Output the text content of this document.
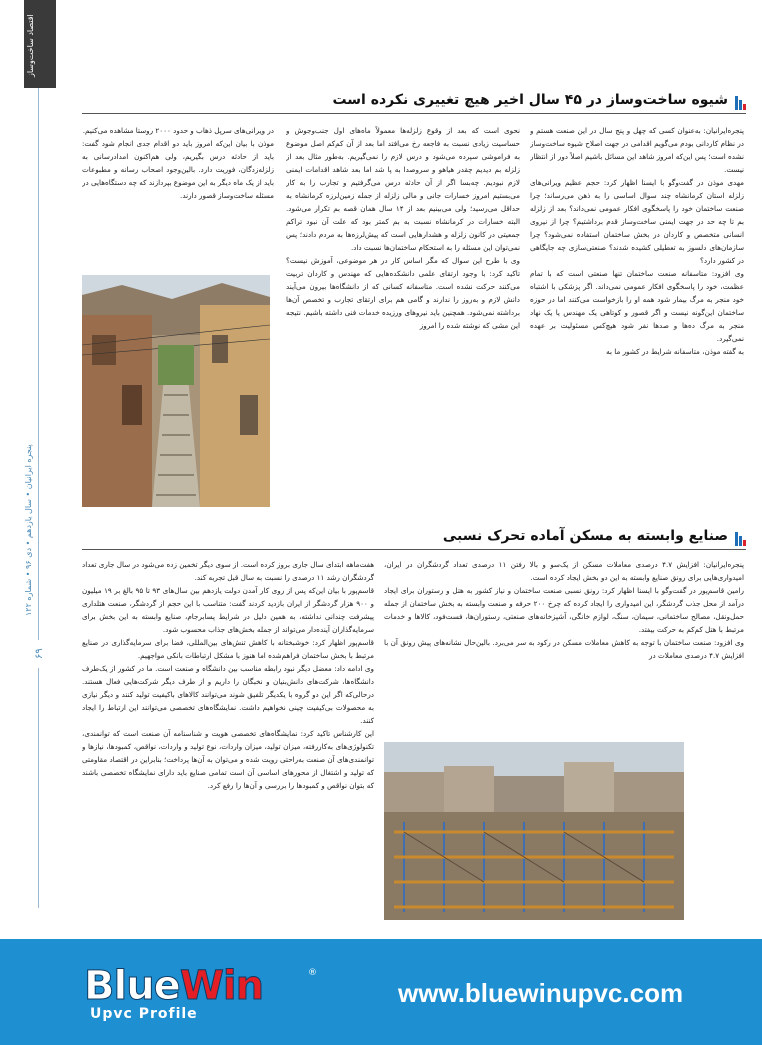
اقتصاد ساخت‌وساز
پنجره ایرانیان • سال یازدهم • دی ۹۶ • شماره ۱۲۲
۶۹
شیوه ساخت‌وساز در ۴۵ سال اخیر هیچ تغییری نکرده است

پنجره‌ایرانیان: به‌عنوان کسی که چهل و پنج سال در این صنعت هستم و در نظام کاردانی بودم می‌گویم اقدامی در جهت اصلاح شیوه ساخت‌وساز نشده است؛ پس این‌که امروز شاهد این مسائل باشیم اصلاً دور از انتظار نیست.

مهدی موذن در گفت‌وگو با ایسنا اظهار کرد: حجم عظیم ویرانی‌های زلزله استان کرمانشاه چند سوال اساسی را به ذهن می‌رساند؛ چرا صنعت ساختمان خود را پاسخگوی افکار عمومی نمی‌داند؟ بعد از زلزله بم تا چه حد در جهت ایمنی ساخت‌وساز قدم برداشتیم؟ چرا از نیروی انسانی متخصص و کاردان در بخش ساختمان استفاده نمی‌شود؟ چرا سازمان‌های دلسوز به تعطیلی کشیده شدند؟ صنعتی‌سازی چه جایگاهی در کشور دارد؟

وی افزود: متاسفانه صنعت ساختمان تنها صنعتی است که با تمام عظمت، خود را پاسخگوی افکار عمومی نمی‌داند. اگر پزشکی با اشتباه خود منجر به مرگ بیمار شود همه او را بازخواست می‌کنند اما در حوزه ساختمان این‌گونه نیست و اگر قصور و کوتاهی یک مهندس یا یک نهاد منجر به مرگ ده‌ها و صدها نفر شود هیچ‌کس مسئولیت بر عهده نمی‌گیرد.

به گفته موذن، متاسفانه شرایط در کشور ما به

نحوی است که بعد از وقوع زلزله‌ها معمولاً ماه‌های اول جنب‌وجوش و حساسیت زیادی نسبت به فاجعه رخ می‌افتد اما بعد از آن کم‌کم اصل موضوع به فراموشی سپرده می‌شود و درس لازم را نمی‌گیریم. به‌طور مثال بعد از زلزله بم دیدیم چقدر هیاهو و سروصدا به پا شد اما بعد شاهد اقدامات ایمنی لازم نبودیم. چه‌بسا اگر از آن حادثه درس می‌گرفتیم و تجارب را به کار می‌بستیم امروز خسارات جانی و مالی زلزله از جمله زمین‌لرزه کرمانشاه به حداقل می‌رسید؛ ولی می‌بینیم بعد از ۱۴ سال همان قصه بم تکرار می‌شود. البته خسارات در کرمانشاه نسبت به بم کمتر بود که علت آن نبود تراکم جمعیتی در کانون زلزله و هشدارهایی است که پیش‌لرزه‌ها به مردم دادند؛ پس نمی‌توان این مسئله را به استحکام ساختمان‌ها نسبت داد.

وی با طرح این سوال که مگر اساس کار در هر موضوعی، آموزش نیست؟ تاکید کرد: با وجود ارتقای علمی دانشکده‌هایی که مهندس و کاردان تربیت می‌کنند حرکت نشده است. متاسفانه کسانی که از دانشگاه‌ها بیرون می‌آیند دانش لازم و به‌روز را ندارند و گامی هم برای ارتقای تجارب و تخصص آن‌ها برداشته نمی‌شود. همچنین باید نیروهای ورزیده خدمات فنی داشته باشیم. نتیجه این مشی که نوشته شده را امروز

در ویرانی‌های سرپل ذهاب و حدود ۲۰۰۰ روستا مشاهده می‌کنیم.

موذن با بیان این‌که امروز باید دو اقدام جدی انجام شود گفت: باید از حادثه درس بگیریم، ولی هم‌اکنون امدادرسانی به زلزله‌زدگان، فوریت دارد. بالین‌وجود اصحاب رسانه و مطبوعات باید از یک ماه دیگر به این موضوع بپردازند که چه دستگاه‌هایی در مسئله ساخت‌وساز قصور دارند.

صنایع وابسته به مسکن آماده تحرک نسبی

پنجره‌ایرانیان: افزایش ۴.۷ درصدی معاملات مسکن از یک‌سو و بالا رفتن ۱۱ درصدی تعداد گردشگران در ایران، امیدواری‌هایی برای رونق صنایع وابسته به این دو بخش ایجاد کرده است.

رامین قاسم‌پور در گفت‌وگو با ایسنا اظهار کرد: رونق نسبی صنعت ساختمان و نیاز کشور به هتل و رستوران برای ایجاد درآمد از محل جذب گردشگر، این امیدواری را ایجاد کرده که چرخ ۲۰۰ حرفه و صنعت وابسته به بخش ساختمان از جمله حمل‌ونقل، مصالح ساختمانی، سیمان، سنگ، لوازم خانگی، آشپزخانه‌های صنعتی، رستوران‌ها، فست‌فود، کالاها و خدمات مرتبط با هتل کم‌کم به حرکت بیفتد.

وی افزود: صنعت ساختمان با توجه به کاهش معاملات مسکن در رکود به سر می‌برد. بالین‌حال نشانه‌های پیش رونق آن با افزایش ۴.۷ درصدی معاملات در

هفت‌ماهه ابتدای سال جاری بروز کرده است. از سوی دیگر تخمین زده می‌شود در سال جاری تعداد گردشگران رشد ۱۱ درصدی را نسبت به سال قبل تجربه کند.

قاسم‌پور با بیان این‌که پس از روی کار آمدن دولت یازدهم بین سال‌های ۹۳ تا ۹۵ بالغ بر ۱۹ میلیون و ۹۰۰ هزار گردشگر از ایران بازدید کردند گفت: متناسب با این حجم از گردشگر، صنعت هتلداری پیشرفت چندانی نداشته، به همین دلیل در شرایط پسابرجام، صنایع وابسته به این بخش برای سرمایه‌گذاران آینده‌دار می‌تواند از جمله بخش‌های جذاب محسوب شود.

قاسم‌پور اظهار کرد: خوشبختانه با کاهش تنش‌های بین‌المللی، فضا برای سرمایه‌گذاری در صنایع مرتبط با بخش ساختمان فراهم‌شده اما هنوز با مشکل ارتباطات بانکی مواجهیم.

وی ادامه داد: معضل دیگر نبود رابطه مناسب بین دانشگاه و صنعت است. ما در کشور از یک‌طرف دانشگاه‌ها، شرکت‌های دانش‌بنیان و نخبگان را داریم و از طرف دیگر شرکت‌هایی فعال هستند. درحالی‌که اگر این دو گروه با یکدیگر تلفیق شوند می‌توانند کالاهای باکیفیت تولید کنند و دیگر نیازی به محصولات بی‌کیفیت چینی نخواهیم داشت. نمایشگاه‌های تخصصی می‌توانند این ارتباط را ایجاد کنند.

این کارشناس تاکید کرد: نمایشگاه‌های تخصصی هویت و شناسنامه آن صنعت است که توانمندی، تکنولوژی‌های به‌کاررفته، میزان تولید، میزان واردات، نوع تولید و واردات، نواقص، کمبودها، نیازها و توانمندی‌های آن صنعت به‌راحتی رویت شده و می‌توان به آن‌ها پرداخت؛ بنابراین در اقتصاد مقاومتی که تولید و اشتغال از محورهای اساسی آن است تمامی صنایع باید دارای نمایشگاه تخصصی باشند که بتوان نواقص و کمبودها را بررسی و آن‌ها را رفع کرد.

BlueWin	®
Upvc Profile
www.bluewinupvc.com
